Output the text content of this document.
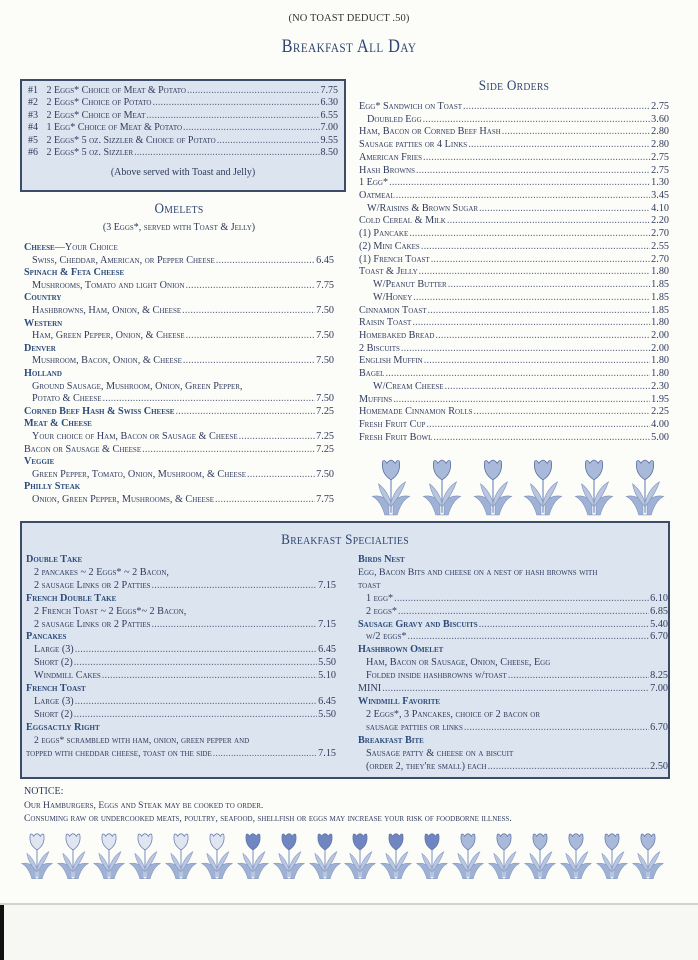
(NO TOAST DEDUCT .50)
Breakfast All Day
#1 2 Eggs* Choice of Meat & Potato .....	7.75
#2 2 Eggs* Choice of Potato .....	6.30
#3 2 Eggs* Choice of Meat .....	6.55
#4 1 Egg* Choice of Meat & Potato .....	7.00
#5 2 Eggs* 5 oz. Sizzler & Choice of Potato .....	9.55
#6 2 Eggs* 5 oz. Sizzler .....	8.50
(Above served with Toast and Jelly)
Omelets
(3 Eggs*, served with Toast & Jelly)
Cheese—Your Choice
Swiss, Cheddar, American, or Pepper Cheese .....	6.45
Spinach & Feta Cheese
Mushrooms, Tomato and light Onion .....	7.75
Country
Hashbrowns, Ham, Onion, & Cheese .....	7.50
Western
Ham, Green Pepper, Onion, & Cheese .....	7.50
Denver
Mushroom, Bacon, Onion, & Cheese .....	7.50
Holland
Ground Sausage, Mushroom, Onion, Green Pepper,
Potato & Cheese .....	7.50
Corned Beef Hash & Swiss Cheese .....	7.25
Meat & Cheese
Your choice of Ham, Bacon or Sausage & Cheese .....	7.25
Bacon or Sausage & Cheese .....	7.25
Veggie
Green Pepper, Tomato, Onion, Mushroom, & Cheese .....	7.50
Philly Steak
Onion, Green Pepper, Mushrooms, & Cheese .....	7.75
Side Orders
Egg* Sandwich on Toast .....	2.75
Doubled Egg .....	3.60
Ham, Bacon or Corned Beef Hash .....	2.80
Sausage patties or 4 Links .....	2.80
American Fries .....	2.75
Hash Browns .....	2.75
1 Egg* .....	1.30
Oatmeal .....	3.45
W/Raisins & Brown Sugar .....	4.10
Cold Cereal & Milk .....	2.20
(1) Pancake .....	2.70
(2) Mini Cakes .....	2.55
(1) French Toast .....	2.70
Toast & Jelly .....	1.80
W/Peanut Butter .....	1.85
W/Honey .....	1.85
Cinnamon Toast .....	1.85
Raisin Toast .....	1.80
Homebaked Bread .....	2.00
2 Biscuits .....	2.00
English Muffin .....	1.80
Bagel .....	1.80
W/Cream Cheese .....	2.30
Muffins .....	1.95
Homemade Cinnamon Rolls .....	2.25
Fresh Fruit Cup .....	4.00
Fresh Fruit Bowl .....	5.00
Breakfast Specialties
Double Take
2 pancakes ~ 2 Eggs* ~ 2 Bacon,
2 sausage Links or 2 Patties .....	7.15
French Double Take
2 French Toast ~ 2 Eggs*~ 2 Bacon,
2 sausage Links or 2 Patties .....	7.15
Pancakes
Large (3) .....	6.45
Short (2) .....	5.50
Windmill Cakes .....	5.10
French Toast
Large (3) .....	6.45
Short (2) .....	5.50
Eggsactly Right
2 eggs* scrambled with ham, onion, green pepper and
topped with cheddar cheese, toast on the side .....	7.15
Birds Nest
Egg, Bacon Bits and cheese on a nest of hash browns with
toast
1 egg* .....	6.10
2 eggs* .....	6.85
Sausage Gravy and Biscuits .....	5.40
w/2 eggs* .....	6.70
Hashbrown Omelet
Ham, Bacon or Sausage, Onion, Cheese, Egg
Folded inside hashbrowns w/toast .....	8.25
MINI .....	7.00
Windmill Favorite
2 Eggs*, 3 Pancakes, choice of 2 bacon or
sausage patties or links .....	6.70
Breakfast Bite
Sausage patty & cheese on a biscuit
(order 2, they're small) each .....	2.50
NOTICE:
Our Hamburgers, Eggs and Steak may be cooked to order.
Consuming raw or undercooked meats, poultry, seafood, shellfish or eggs may increase your risk of foodborne illness.
